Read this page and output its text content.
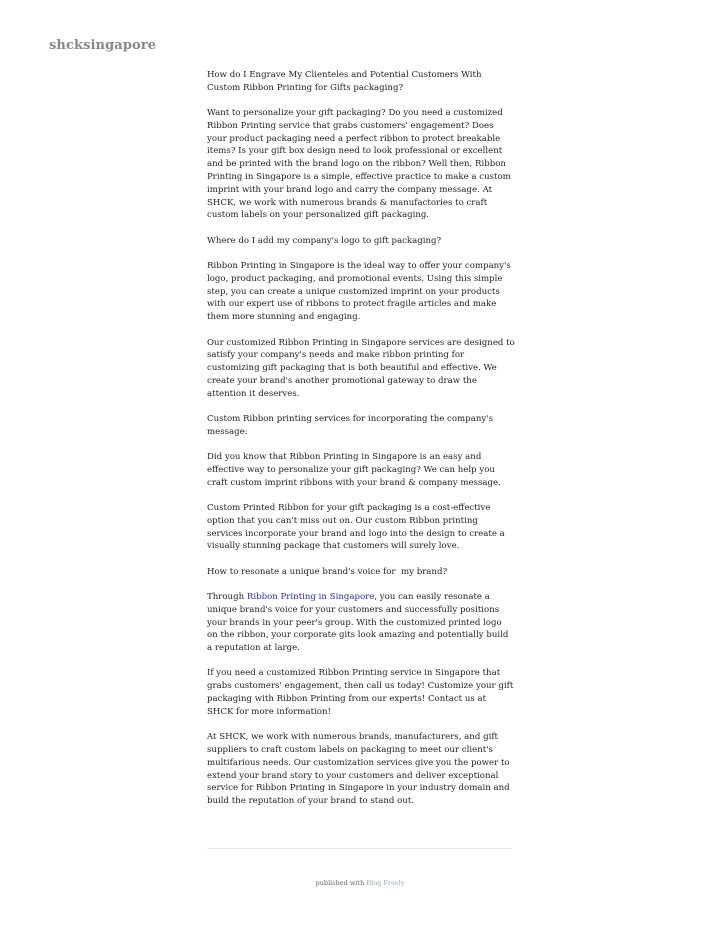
shcksingapore

How do I Engrave My Clienteles and Potential Customers With Custom Ribbon Printing for Gifts packaging?

Want to personalize your gift packaging? Do you need a customized Ribbon Printing service that grabs customers' engagement? Does your product packaging need a perfect ribbon to protect breakable items? Is your gift box design need to look professional or excellent and be printed with the brand logo on the ribbon? Well then, Ribbon Printing in Singapore is a simple, effective practice to make a custom imprint with your brand logo and carry the company message. At SHCK, we work with numerous brands & manufactories to craft custom labels on your personalized gift packaging.

Where do I add my company's logo to gift packaging?

Ribbon Printing in Singapore is the ideal way to offer your company's logo, product packaging, and promotional events. Using this simple step, you can create a unique customized imprint on your products with our expert use of ribbons to protect fragile articles and make them more stunning and engaging.

Our customized Ribbon Printing in Singapore services are designed to satisfy your company's needs and make ribbon printing for customizing gift packaging that is both beautiful and effective. We create your brand's another promotional gateway to draw the attention it deserves.

Custom Ribbon printing services for incorporating the company's message:

Did you know that Ribbon Printing in Singapore is an easy and effective way to personalize your gift packaging? We can help you craft custom imprint ribbons with your brand & company message.

Custom Printed Ribbon for your gift packaging is a cost-effective option that you can't miss out on. Our custom Ribbon printing services incorporate your brand and logo into the design to create a visually stunning package that customers will surely love.

How to resonate a unique brand's voice for  my brand?

Through Ribbon Printing in Singapore, you can easily resonate a unique brand's voice for your customers and successfully positions your brands in your peer's group. With the customized printed logo on the ribbon, your corporate gits look amazing and potentially build a reputation at large.

If you need a customized Ribbon Printing service in Singapore that grabs customers' engagement, then call us today! Customize your gift packaging with Ribbon Printing from our experts! Contact us at SHCK for more information!

At SHCK, we work with numerous brands, manufacturers, and gift suppliers to craft custom labels on packaging to meet our client's multifarious needs. Our customization services give you the power to extend your brand story to your customers and deliver exceptional service for Ribbon Printing in Singapore in your industry domain and build the reputation of your brand to stand out.

published with Blog Freely
